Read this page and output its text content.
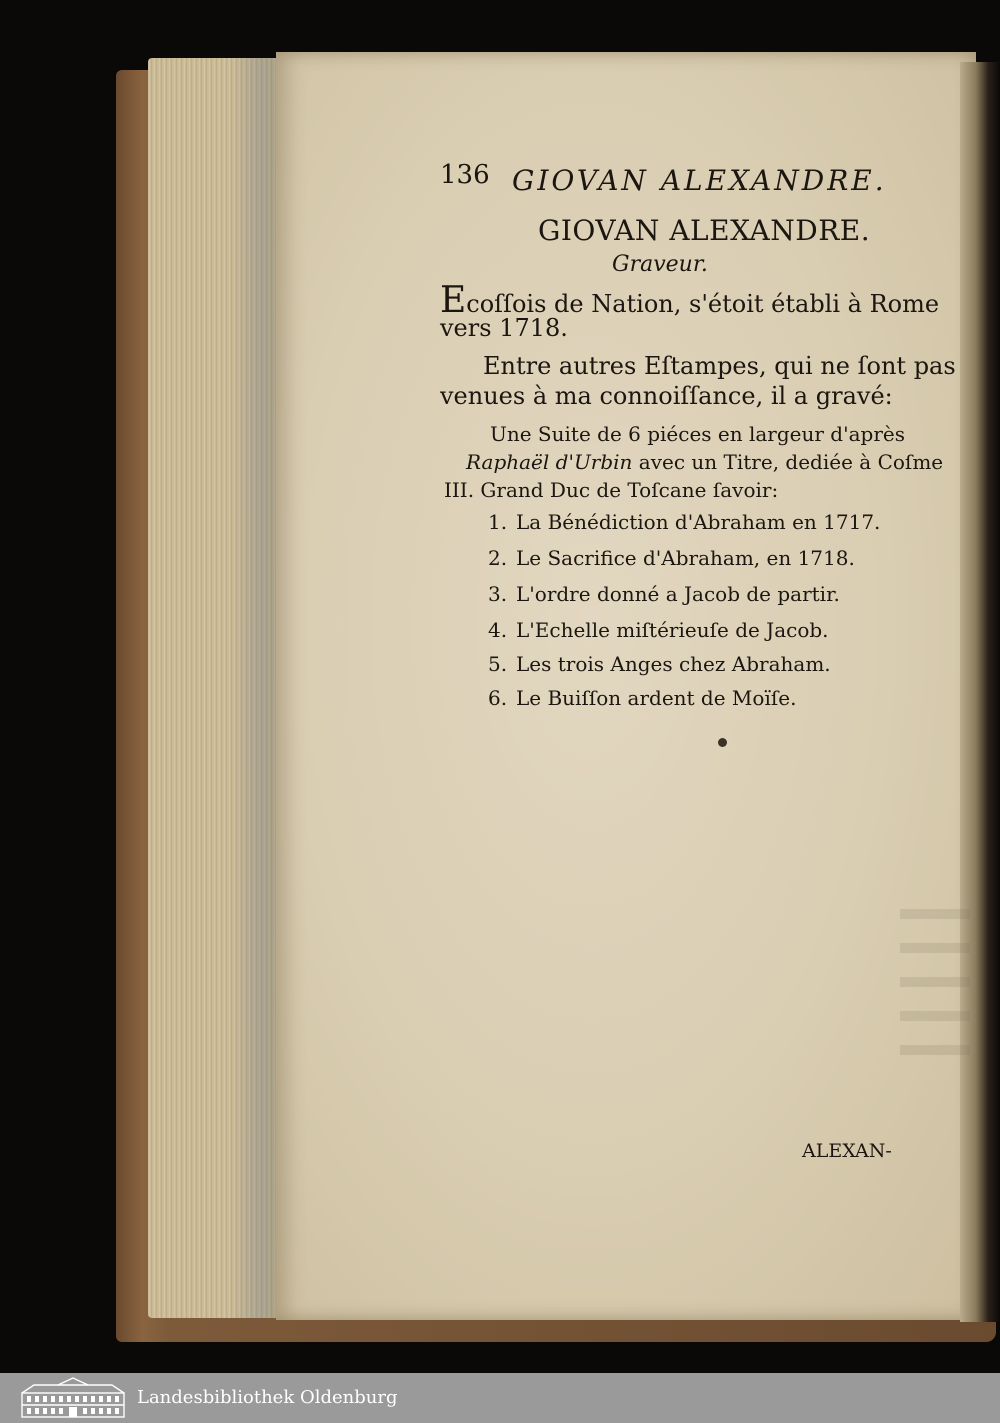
136 GIOVAN ALEXANDRE.
GIOVAN ALEXANDRE.
Graveur.
Ecoſſois de Nation, s'étoit établi à Rome
vers 1718.
Entre autres Eſtampes, qui ne ſont pas
venues à ma connoiſſance, il a gravé:
Une Suite de 6 piéces en largeur d'après
Raphaël d'Urbin avec un Titre, dediée à Coſme
III. Grand Duc de Toſcane ſavoir:
1. La Bénédiction d'Abraham en 1717.
2. Le Sacrifice d'Abraham, en 1718.
3. L'ordre donné a Jacob de partir.
4. L'Echelle miſtérieuſe de Jacob.
5. Les trois Anges chez Abraham.
6. Le Buiſſon ardent de Moïſe.
ALEXAN-
Landesbibliothek Oldenburg
